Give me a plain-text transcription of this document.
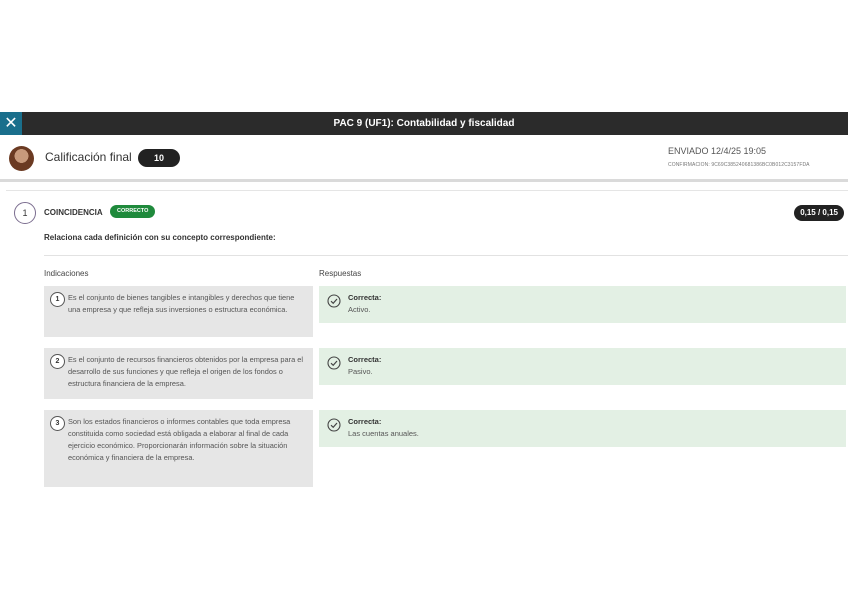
✕	PAC 9 (UF1): Contabilidad y fiscalidad
Calificación final	10
ENVIADO 12/4/25 19:05
CONFIRMACIÓN: 9C69C385240681386BC0B012C3157FDA
1	COINCIDENCIA	CORRECTO	0,15 / 0,15
Relaciona cada definición con su concepto correspondiente:
Indicaciones	Respuestas
1	Es el conjunto de bienes tangibles e intangibles y derechos que tiene una empresa y que refleja sus inversiones o estructura económica.
Correcta:
Activo.
2	Es el conjunto de recursos financieros obtenidos por la empresa para el desarrollo de sus funciones y que refleja el origen de los fondos o estructura financiera de la empresa.
Correcta:
Pasivo.
3	Son los estados financieros o informes contables que toda empresa constituida como sociedad está obligada a elaborar al final de cada ejercicio económico. Proporcionarán información sobre la situación económica y financiera de la empresa.
Correcta:
Las cuentas anuales.
